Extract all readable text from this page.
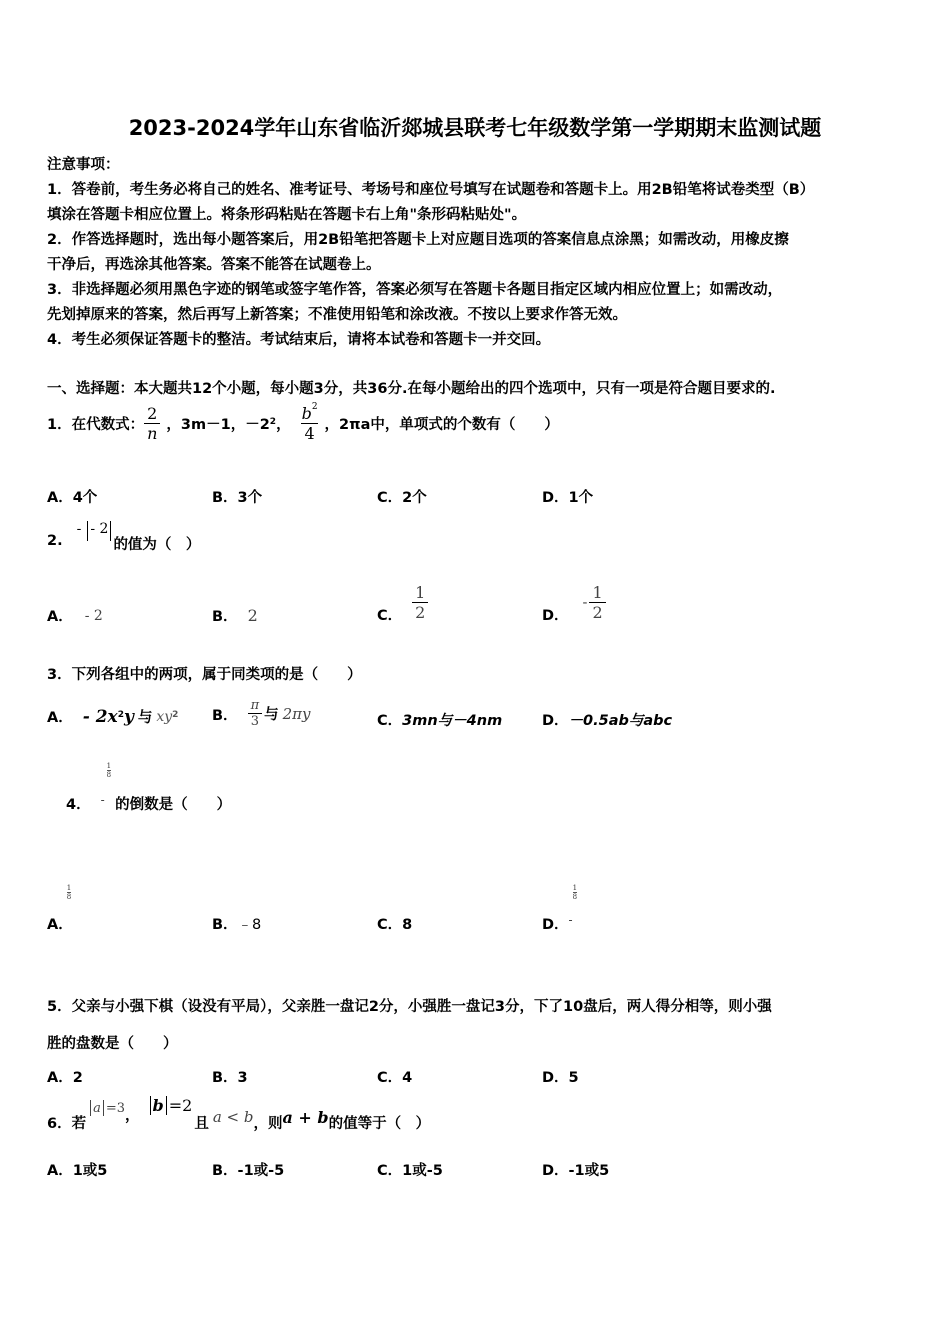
2023-2024学年山东省临沂郯城县联考七年级数学第一学期期末监测试题
注意事项：
1．答卷前，考生务必将自己的姓名、准考证号、考场号和座位号填写在试题卷和答题卡上。用2B铅笔将试卷类型（B）
填涂在答题卡相应位置上。将条形码粘贴在答题卡右上角"条形码粘贴处"。
2．作答选择题时，选出每小题答案后，用2B铅笔把答题卡上对应题目选项的答案信息点涂黑；如需改动，用橡皮擦
干净后，再选涂其他答案。答案不能答在试题卷上。
3．非选择题必须用黑色字迹的钢笔或签字笔作答，答案必须写在答题卡各题目指定区域内相应位置上；如需改动，
先划掉原来的答案，然后再写上新答案；不准使用铅笔和涂改液。不按以上要求作答无效。
4．考生必须保证答题卡的整洁。考试结束后，请将本试卷和答题卡一并交回。
一、选择题：本大题共12个小题，每小题3分，共36分.在每小题给出的四个选项中，只有一项是符合题目要求的.
1．在代数式： $\frac{2}{n}$ ，3m－1，－2 2 ， $\frac{b^2}{4}$ ，2πa中，单项式的个数有（　　）
A．4个	B．3个	C．2个	D．1个
2.
- - 2
的值为（　）
A． - 2	B． 2	C． $\frac{1}{2}$	D．
- $\frac{1}{2}$
3．下列各组中的两项，属于同类项的是（　　）
A． - 2x 2 y 与 xy 2 B． $\frac{\pi}{3}$ 与 2πy	C．3mn与－4nm	D．－0.5ab与abc
4． -
$\frac{1}{8}$
的倒数是（　　）
A．
$\frac{1}{8}$
B．﹣8	C．8	D． -
$\frac{1}{8}$
5．父亲与小强下棋（设没有平局），父亲胜一盘记2分，小强胜一盘记3分，下了10盘后，两人得分相等，则小强
胜的盘数是（　　）
A．2	B．3	C．4	D．5
6．若
a =3 ，
b =2
且 a < b ，则 a + b 的值等于（　）
A．1或5	B．-1或-5	C．1或-5	D．-1或5
